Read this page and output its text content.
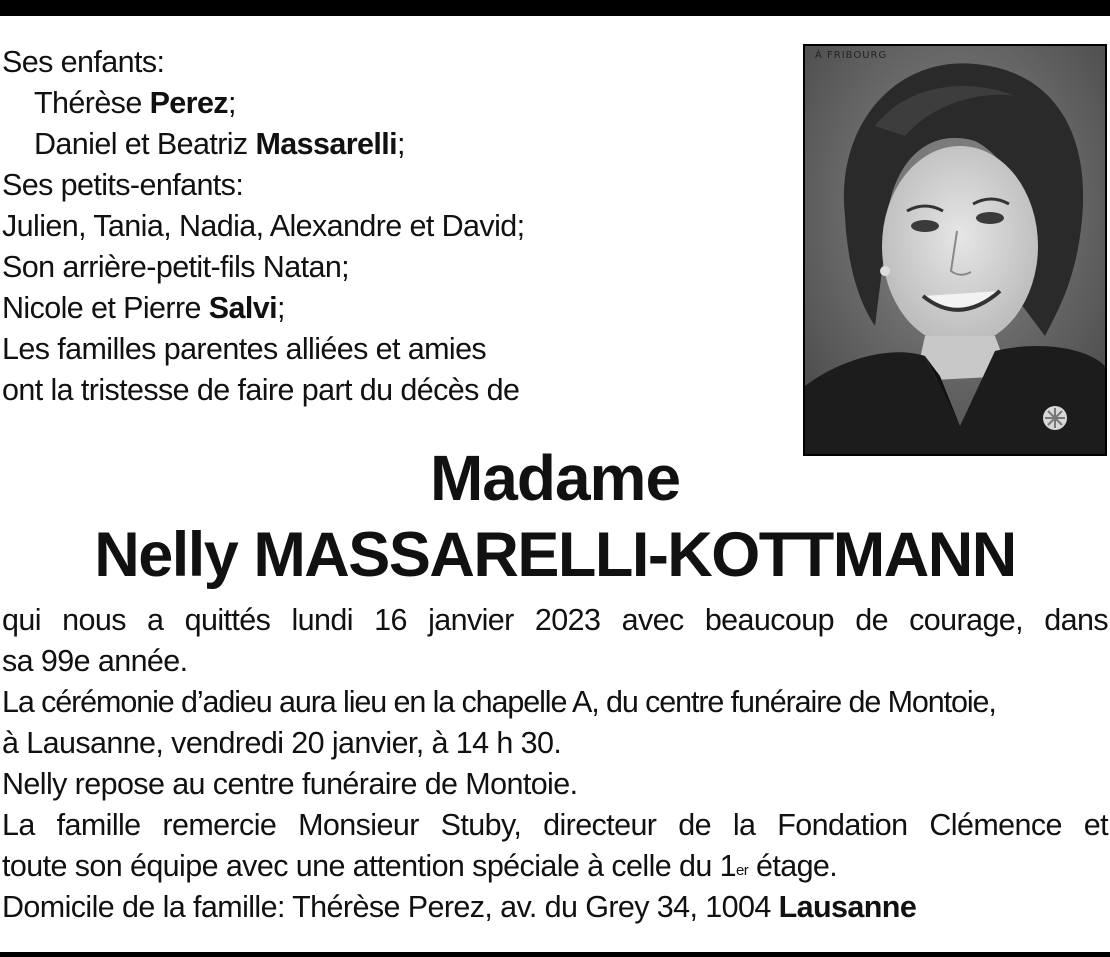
Ses enfants:
Thérèse Perez;
Daniel et Beatriz Massarelli;
Ses petits-enfants:
Julien, Tania, Nadia, Alexandre et David;
Son arrière-petit-fils Natan;
Nicole et Pierre Salvi;
Les familles parentes alliées et amies
ont la tristesse de faire part du décès de
À FRIBOURG
Madame
Nelly MASSARELLI-KOTTMANN
qui nous a quittés lundi 16 janvier 2023 avec beaucoup de courage, dans
sa 99e année.
La cérémonie d’adieu aura lieu en la chapelle A, du centre funéraire de Montoie,
à Lausanne, vendredi 20 janvier, à 14 h 30.
Nelly repose au centre funéraire de Montoie.
La famille remercie Monsieur Stuby, directeur de la Fondation Clémence et
toute son équipe avec une attention spéciale à celle du 1er étage.
Domicile de la famille: Thérèse Perez, av. du Grey 34, 1004 Lausanne
